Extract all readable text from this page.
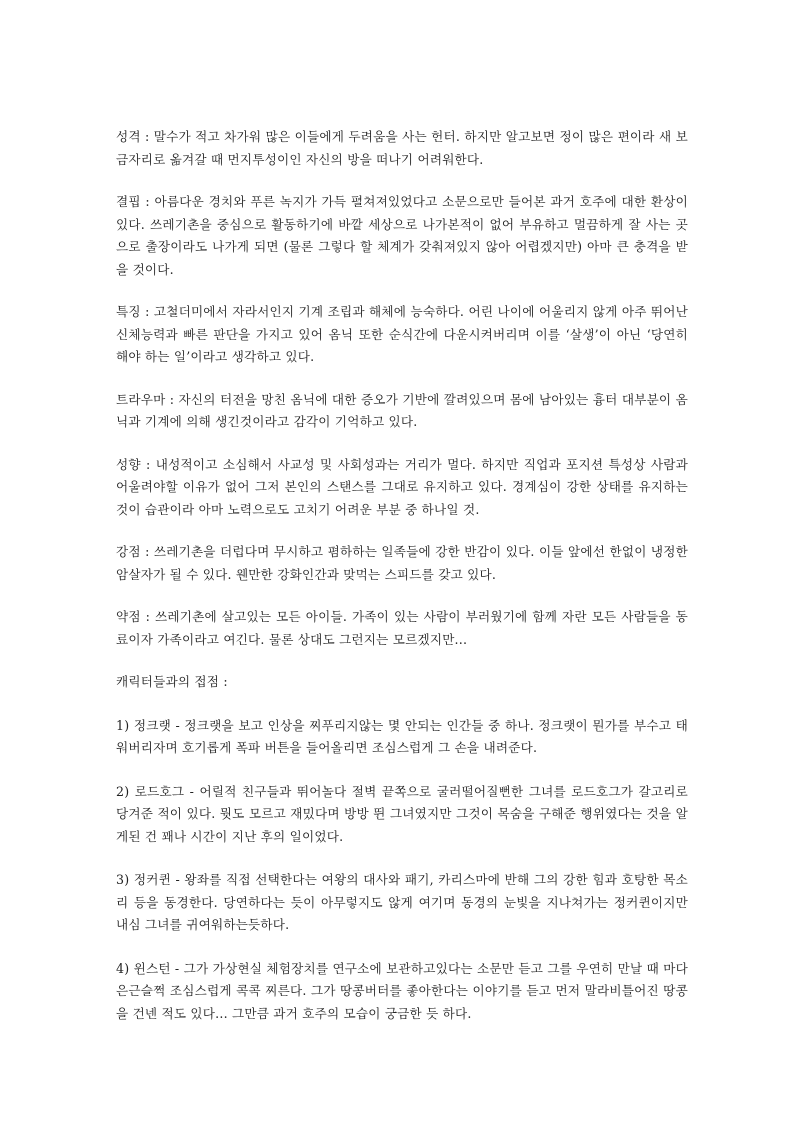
성격 : 말수가 적고 차가워 많은 이들에게 두려움을 사는 헌터. 하지만 알고보면 정이 많은 편이라 새 보금자리로 옮겨갈 때 먼지투성이인 자신의 방을 떠나기 어려워한다.

결핍 : 아름다운 경치와 푸른 녹지가 가득 펼쳐져있었다고 소문으로만 들어본 과거 호주에 대한 환상이 있다. 쓰레기촌을 중심으로 활동하기에 바깥 세상으로 나가본적이 없어 부유하고 멀끔하게 잘 사는 곳으로 출장이라도 나가게 되면 (물론 그렇다 할 체계가 갖춰져있지 않아 어렵겠지만) 아마 큰 충격을 받을 것이다.

특징 : 고철더미에서 자라서인지 기계 조립과 해체에 능숙하다. 어린 나이에 어울리지 않게 아주 뛰어난 신체능력과 빠른 판단을 가지고 있어 옴닉 또한 순식간에 다운시켜버리며 이를 ‘살생’이 아닌 ‘당연히 해야 하는 일’이라고 생각하고 있다.

트라우마 : 자신의 터전을 망친 옴닉에 대한 증오가 기반에 깔려있으며 몸에 남아있는 흉터 대부분이 옴닉과 기계에 의해 생긴것이라고 감각이 기억하고 있다.

성향 : 내성적이고 소심해서 사교성 및 사회성과는 거리가 멀다. 하지만 직업과 포지션 특성상 사람과 어울려야할 이유가 없어 그저 본인의 스탠스를 그대로 유지하고 있다. 경계심이 강한 상태를 유지하는 것이 습관이라 아마 노력으로도 고치기 어려운 부분 중 하나일 것.

강점 : 쓰레기촌을 더럽다며 무시하고 폄하하는 일족들에 강한 반감이 있다. 이들 앞에선 한없이 냉정한 암살자가 될 수 있다. 웬만한 강화인간과 맞먹는 스피드를 갖고 있다.

약점 : 쓰레기촌에 살고있는 모든 아이들. 가족이 있는 사람이 부러웠기에 함께 자란 모든 사람들을 동료이자 가족이라고 여긴다. 물론 상대도 그런지는 모르겠지만...

캐릭터들과의 접점 :

1) 정크랫 - 정크랫을 보고 인상을 찌푸리지않는 몇 안되는 인간들 중 하나. 정크랫이 뭔가를 부수고 태워버리자며 호기롭게 폭파 버튼을 들어올리면 조심스럽게 그 손을 내려준다.

2) 로드호그 - 어릴적 친구들과 뛰어놀다 절벽 끝쪽으로 굴러떨어질뻔한 그녀를 로드호그가 갈고리로 당겨준 적이 있다. 뭣도 모르고 재밌다며 방방 뛴 그녀였지만 그것이 목숨을 구해준 행위였다는 것을 알게된 건 꽤나 시간이 지난 후의 일이었다.

3) 정커퀸 - 왕좌를 직접 선택한다는 여왕의 대사와 패기, 카리스마에 반해 그의 강한 힘과 호탕한 목소리 등을 동경한다. 당연하다는 듯이 아무렇지도 않게 여기며 동경의 눈빛을 지나쳐가는 정커퀸이지만 내심 그녀를 귀여워하는듯하다.

4) 윈스턴 - 그가 가상현실 체험장치를 연구소에 보관하고있다는 소문만 듣고 그를 우연히 만날 때 마다 은근슬쩍 조심스럽게 콕콕 찌른다. 그가 땅콩버터를 좋아한다는 이야기를 듣고 먼저 말라비틀어진 땅콩을 건넨 적도 있다... 그만큼 과거 호주의 모습이 궁금한 듯 하다.
